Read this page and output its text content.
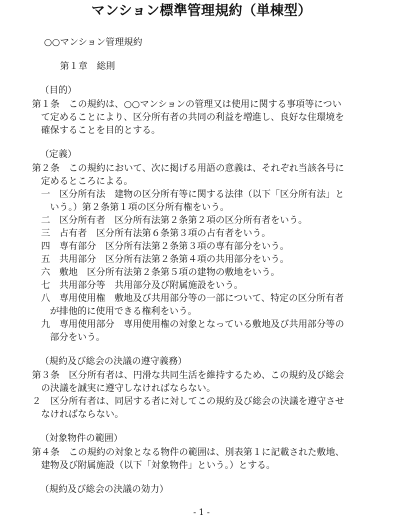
マンション標準管理規約（単棟型）
○○マンション管理規約
第１章　総則
（目的）
第１条　この規約は、○○マンションの管理又は使用に関する事項等につい
て定めることにより、区分所有者の共同の利益を増進し、良好な住環境を
確保することを目的とする。
（定義）
第２条　この規約において、次に掲げる用語の意義は、それぞれ当該各号に
定めるところによる。
一　区分所有法　建物の区分所有等に関する法律（以下「区分所有法」と
いう。）第２条第１項の区分所有権をいう。
二　区分所有者　区分所有法第２条第２項の区分所有者をいう。
三　占有者　区分所有法第６条第３項の占有者をいう。
四　専有部分　区分所有法第２条第３項の専有部分をいう。
五　共用部分　区分所有法第２条第４項の共用部分をいう。
六　敷地　区分所有法第２条第５項の建物の敷地をいう。
七　共用部分等　共用部分及び附属施設をいう。
八　専用使用権　敷地及び共用部分等の一部について、特定の区分所有者
が排他的に使用できる権利をいう。
九　専用使用部分　専用使用権の対象となっている敷地及び共用部分等の
部分をいう。
（規約及び総会の決議の遵守義務）
第３条　区分所有者は、円滑な共同生活を維持するため、この規約及び総会
の決議を誠実に遵守しなければならない。
２　区分所有者は、同居する者に対してこの規約及び総会の決議を遵守させ
なければならない。
（対象物件の範囲）
第４条　この規約の対象となる物件の範囲は、別表第１に記載された敷地、
建物及び附属施設（以下「対象物件」という。）とする。
（規約及び総会の決議の効力）
- 1 -
